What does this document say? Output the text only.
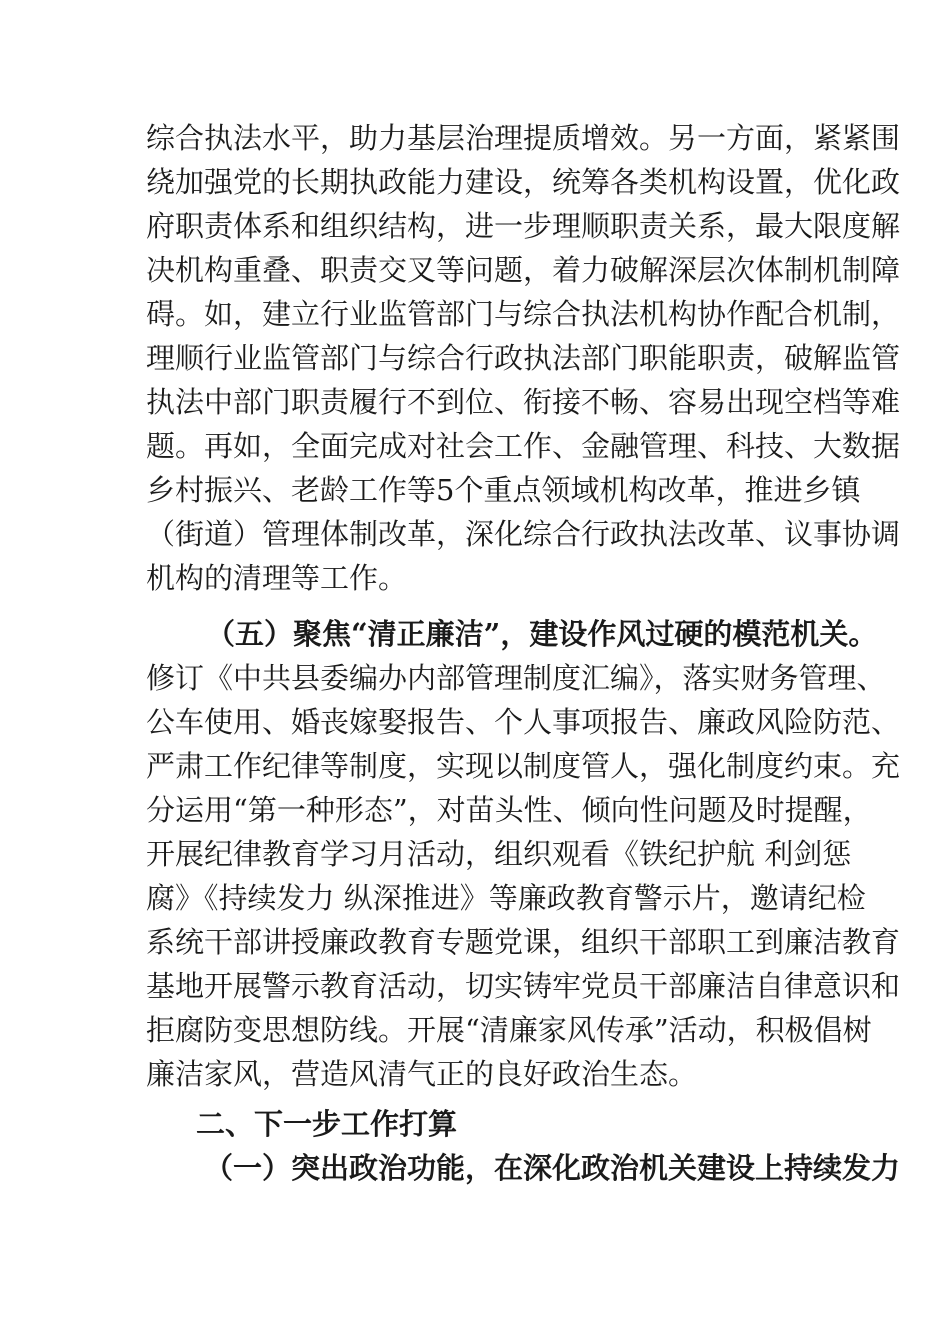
综合执法水平，助力基层治理提质增效。另一方面，紧紧围
绕加强党的长期执政能力建设，统筹各类机构设置，优化政
府职责体系和组织结构，进一步理顺职责关系，最大限度解
决机构重叠、职责交叉等问题，着力破解深层次体制机制障
碍。如，建立行业监管部门与综合执法机构协作配合机制，
理顺行业监管部门与综合行政执法部门职能职责，破解监管
执法中部门职责履行不到位、衔接不畅、容易出现空档等难
题。再如，全面完成对社会工作、金融管理、科技、大数据
乡村振兴、老龄工作等5个重点领域机构改革，推进乡镇
（街道）管理体制改革，深化综合行政执法改革、议事协调
机构的清理等工作。
（五）聚焦“清正廉洁”，建设作风过硬的模范机关。
修订《中共县委编办内部管理制度汇编》，落实财务管理、
公车使用、婚丧嫁娶报告、个人事项报告、廉政风险防范、
严肃工作纪律等制度，实现以制度管人，强化制度约束。充
分运用“第一种形态”，对苗头性、倾向性问题及时提醒，
开展纪律教育学习月活动，组织观看《铁纪护航 利剑惩
腐》《持续发力 纵深推进》等廉政教育警示片，邀请纪检
系统干部讲授廉政教育专题党课，组织干部职工到廉洁教育
基地开展警示教育活动，切实铸牢党员干部廉洁自律意识和
拒腐防变思想防线。开展“清廉家风传承”活动，积极倡树
廉洁家风，营造风清气正的良好政治生态。
二、下一步工作打算
（一）突出政治功能，在深化政治机关建设上持续发力
